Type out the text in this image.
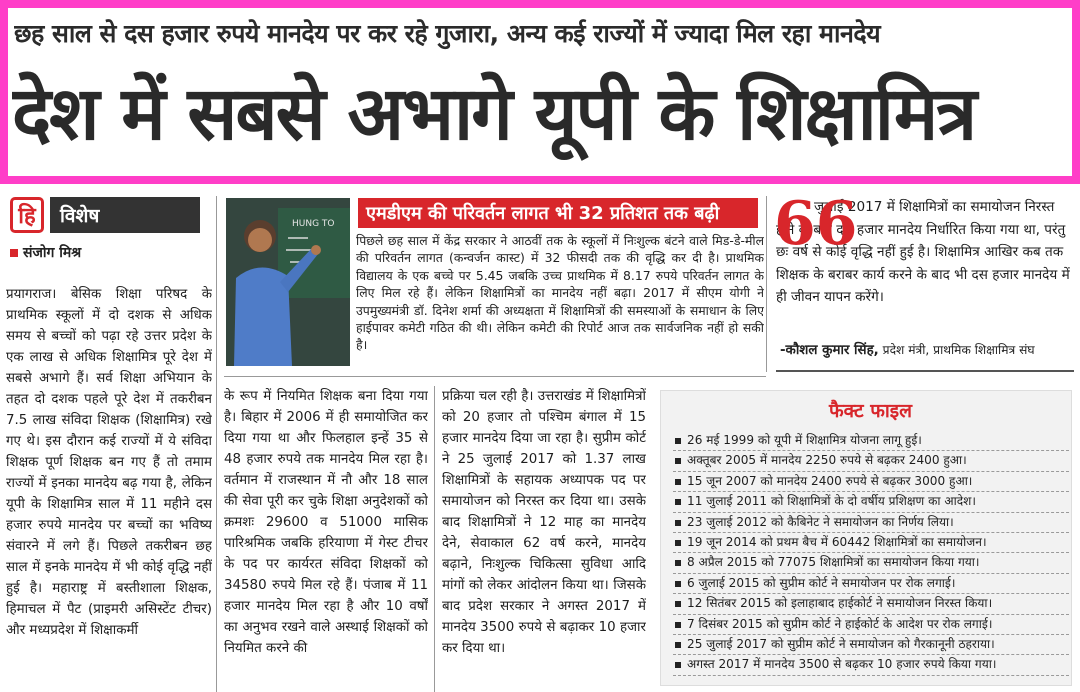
छह साल से दस हजार रुपये मानदेय पर कर रहे गुजारा, अन्य कई राज्यों में ज्यादा मिल रहा मानदेय
देश में सबसे अभागे यूपी के शिक्षामित्र
हि	विशेष
संजोग मिश्र
प्रयागराज। बेसिक शिक्षा परिषद के प्राथमिक स्कूलों में दो दशक से अधिक समय से बच्चों को पढ़ा रहे उत्तर प्रदेश के एक लाख से अधिक शिक्षामित्र पूरे देश में सबसे अभागे हैं। सर्व शिक्षा अभियान के तहत दो दशक पहले पूरे देश में तकरीबन 7.5 लाख संविदा शिक्षक (शिक्षामित्र) रखे गए थे। इस दौरान कई राज्यों में ये संविदा शिक्षक पूर्ण शिक्षक बन गए हैं तो तमाम राज्यों में इनका मानदेय बढ़ गया है, लेकिन यूपी के शिक्षामित्र साल में 11 महीने दस हजार रुपये मानदेय पर बच्चों का भविष्य संवारने में लगे हैं। पिछले तकरीबन छह साल में इनके मानदेय में भी कोई वृद्धि नहीं हुई है। महाराष्ट्र में बस्तीशाला शिक्षक, हिमाचल में पैट (प्राइमरी असिस्टेंट टीचर) और मध्यप्रदेश में शिक्षाकर्मी
के रूप में नियमित शिक्षक बना दिया गया है। बिहार में 2006 में ही समायोजित कर दिया गया था और फिलहाल इन्हें 35 से 48 हजार रुपये तक मानदेय मिल रहा है। वर्तमान में राजस्थान में नौ और 18 साल की सेवा पूरी कर चुके शिक्षा अनुदेशकों को क्रमशः 29600 व 51000 मासिक पारिश्रमिक जबकि हरियाणा में गेस्ट टीचर के पद पर कार्यरत संविदा शिक्षकों को 34580 रुपये मिल रहे हैं। पंजाब में 11 हजार मानदेय मिल रहा है और 10 वर्षों का अनुभव रखने वाले अस्थाई शिक्षकों को नियमित करने की
प्रक्रिया चल रही है। उत्तराखंड में शिक्षामित्रों को 20 हजार तो पश्चिम बंगाल में 15 हजार मानदेय दिया जा रहा है। सुप्रीम कोर्ट ने 25 जुलाई 2017 को 1.37 लाख शिक्षामित्रों के सहायक अध्यापक पद पर समायोजन को निरस्त कर दिया था। उसके बाद शिक्षामित्रों ने 12 माह का मानदेय देने, सेवाकाल 62 वर्ष करने, मानदेय बढ़ाने, निःशुल्क चिकित्सा सुविधा आदि मांगों को लेकर आंदोलन किया था। जिसके बाद प्रदेश सरकार ने अगस्त 2017 में मानदेय 3500 रुपये से बढ़ाकर 10 हजार कर दिया था।
HUNG TO	एमडीएम की परिवर्तन लागत भी 32 प्रतिशत तक बढ़ी
पिछले छह साल में केंद्र सरकार ने आठवीं तक के स्कूलों में निःशुल्क बंटने वाले मिड-डे-मील की परिवर्तन लागत (कन्वर्जन कास्ट) में 32 फीसदी तक की वृद्धि कर दी है। प्राथमिक विद्यालय के एक बच्चे पर 5.45 जबकि उच्च प्राथमिक में 8.17 रुपये परिवर्तन लागत के लिए मिल रहे हैं। लेकिन शिक्षामित्रों का मानदेय नहीं बढ़ा। 2017 में सीएम योगी ने उपमुख्यमंत्री डॉ. दिनेश शर्मा की अध्यक्षता में शिक्षामित्रों की समस्याओं के समाधान के लिए हाईपावर कमेटी गठित की थी। लेकिन कमेटी की रिपोर्ट आज तक सार्वजनिक नहीं हो सकी है।
जुलाई 2017 में शिक्षामित्रों का समायोजन निरस्त होने के बाद दस हजार मानदेय निर्धारित किया गया था, परंतु छः वर्ष से कोई वृद्धि नहीं हुई है। शिक्षामित्र आखिर कब तक शिक्षक के बराबर कार्य करने के बाद भी दस हजार मानदेय में ही जीवन यापन करेंगे।
66
-कौशल कुमार सिंह, प्रदेश मंत्री, प्राथमिक शिक्षामित्र संघ
फैक्ट फाइल
26 मई 1999 को यूपी में शिक्षामित्र योजना लागू हुई।
अक्तूबर 2005 में मानदेय 2250 रुपये से बढ़कर 2400 हुआ।
15 जून 2007 को मानदेय 2400 रुपये से बढ़कर 3000 हुआ।
11 जुलाई 2011 को शिक्षामित्रों के दो वर्षीय प्रशिक्षण का आदेश।
23 जुलाई 2012 को कैबिनेट ने समायोजन का निर्णय लिया।
19 जून 2014 को प्रथम बैच में 60442 शिक्षामित्रों का समायोजन।
8 अप्रैल 2015 को 77075 शिक्षामित्रों का समायोजन किया गया।
6 जुलाई 2015 को सुप्रीम कोर्ट ने समायोजन पर रोक लगाई।
12 सितंबर 2015 को इलाहाबाद हाईकोर्ट ने समायोजन निरस्त किया।
7 दिसंबर 2015 को सुप्रीम कोर्ट ने हाईकोर्ट के आदेश पर रोक लगाई।
25 जुलाई 2017 को सुप्रीम कोर्ट ने समायोजन को गैरकानूनी ठहराया।
अगस्त 2017 में मानदेय 3500 से बढ़कर 10 हजार रुपये किया गया।
